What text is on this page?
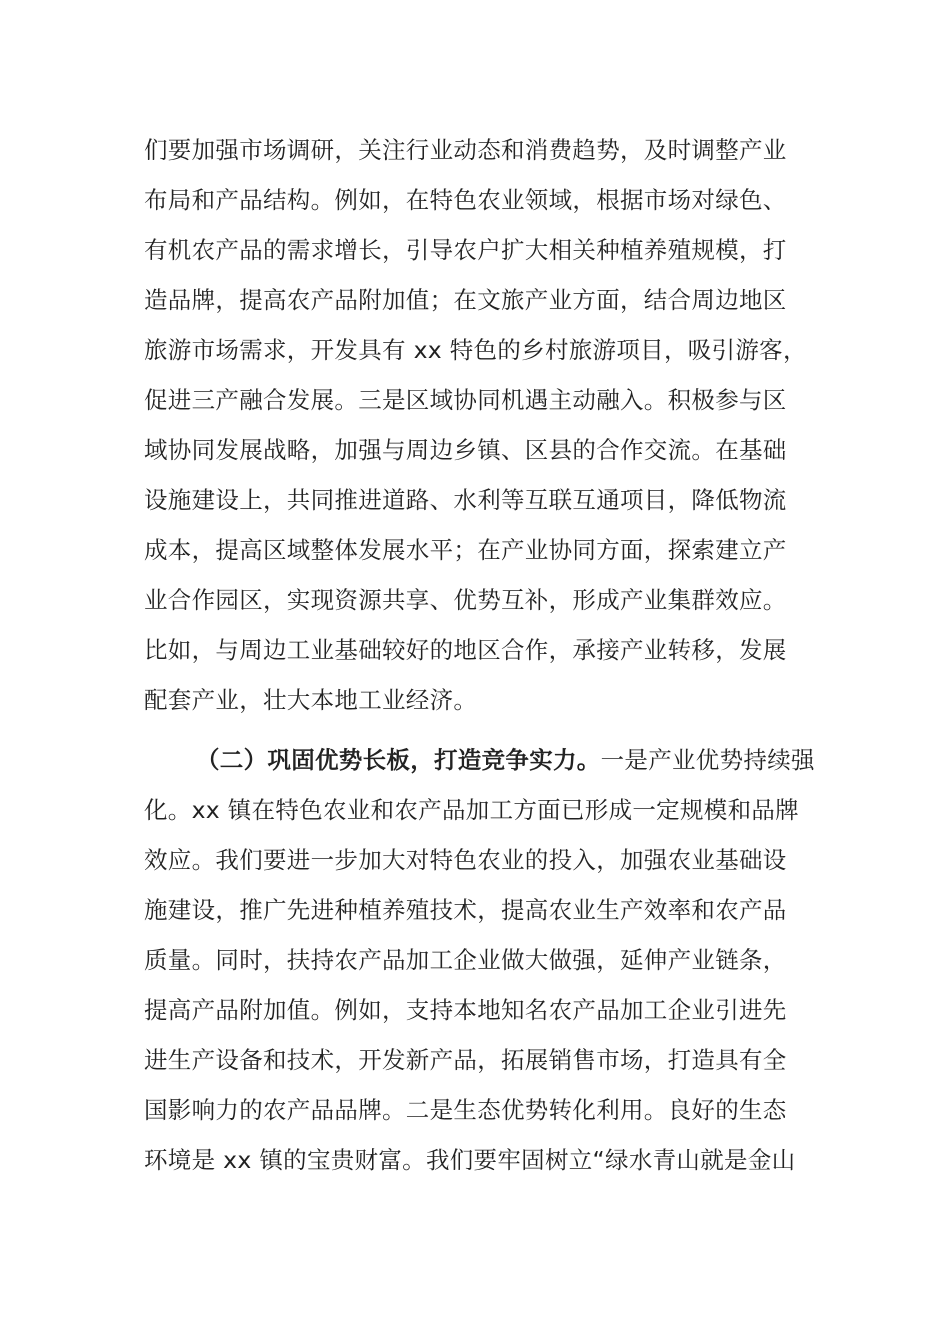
们要加强市场调研，关注行业动态和消费趋势，及时调整产业
布局和产品结构。例如，在特色农业领域，根据市场对绿色、
有机农产品的需求增长，引导农户扩大相关种植养殖规模，打
造品牌，提高农产品附加值；在文旅产业方面，结合周边地区
旅游市场需求，开发具有 xx 特色的乡村旅游项目，吸引游客，
促进三产融合发展。三是区域协同机遇主动融入。积极参与区
域协同发展战略，加强与周边乡镇、区县的合作交流。在基础
设施建设上，共同推进道路、水利等互联互通项目，降低物流
成本，提高区域整体发展水平；在产业协同方面，探索建立产
业合作园区，实现资源共享、优势互补，形成产业集群效应。
比如，与周边工业基础较好的地区合作，承接产业转移，发展
配套产业，壮大本地工业经济。
（二）巩固优势长板，打造竞争实力。一是产业优势持续强
化。xx 镇在特色农业和农产品加工方面已形成一定规模和品牌
效应。我们要进一步加大对特色农业的投入，加强农业基础设
施建设，推广先进种植养殖技术，提高农业生产效率和农产品
质量。同时，扶持农产品加工企业做大做强，延伸产业链条，
提高产品附加值。例如，支持本地知名农产品加工企业引进先
进生产设备和技术，开发新产品，拓展销售市场，打造具有全
国影响力的农产品品牌。二是生态优势转化利用。良好的生态
环境是 xx 镇的宝贵财富。我们要牢固树立“绿水青山就是金山
